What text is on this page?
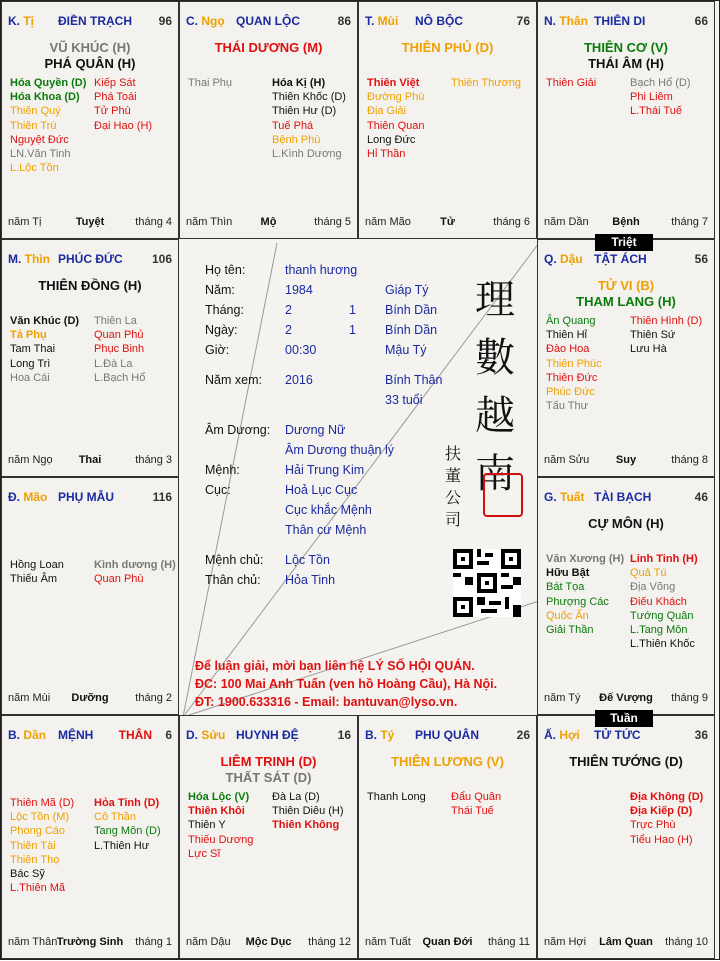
K. Tị ĐIỀN TRẠCH 96
VŨ KHÚC (H)
PHÁ QUÂN (H)
Hóa Quyền (D)
Hóa Khoa (D)
Thiên Quý
Thiên Trù
Nguyệt Đức
LN.Văn Tinh
L.Lộc Tồn
Kiếp Sát
Phá Toái
Tử Phù
Đại Hao (H)
năm Tị	Tuyệt	tháng 4
C. Ngọ QUAN LỘC	86
THÁI DƯƠNG (M)
Thai Phụ	Hóa Kị (H)
Thiên Khốc (D)
Thiên Hư (D)
Tuế Phá
Bệnh Phù
L.Kình Dương
năm Thìn	Mộ	tháng 5
T. Mùi NÔ BỘC	76
THIÊN PHỦ (D)
Thiên Việt
Đường Phù
Địa Giải
Thiên Quan
Long Đức
Hỉ Thần
Thiên Thương
năm Mão	Tử	tháng 6
N. Thân THIÊN DI	66
THIÊN CƠ (V)
THÁI ÂM (H)
Thiên Giải	Bạch Hổ (D)
Phi Liêm
L.Thái Tuế
năm Dần	Bệnh	tháng 7
M. Thìn PHÚC ĐỨC 106
THIÊN ĐỒNG (H)
Văn Khúc (D)
Tả Phụ
Tam Thai
Long Trì
Hoa Cái
Thiên La
Quan Phủ
Phục Binh
L.Đà La
L.Bạch Hổ
năm Ngọ	Thai	tháng 3
Q. Dậu TẬT ÁCH	56
TỬ VI (B)
THAM LANG (H)
Ân Quang
Thiên Hỉ
Đào Hoa
Thiên Phúc
Thiên Đức
Phúc Đức
Tấu Thư
Thiên Hình (D)
Thiên Sứ
Lưu Hà
năm Sửu	Suy	tháng 8
Đ. Mão PHỤ MẪU	116
Hồng Loan
Thiếu Âm
Kình dương (H)
Quan Phù
năm Mùi	Dưỡng	tháng 2
G. Tuất TÀI BẠCH	46
CỰ MÔN (H)
Văn Xương (H)
Hữu Bật
Bát Tọa
Phượng Các
Quốc Ấn
Giải Thần
Linh Tinh (H)
Quả Tú
Địa Võng
Điếu Khách
Tướng Quân
L.Tang Môn
L.Thiên Khốc
năm Tý	Đế Vượng	tháng 9
B. Dần MỆNH	6
THÂN
Thiên Mã (D)
Lộc Tồn (M)
Phong Cáo
Thiên Tài
Thiên Thọ
Bác Sỹ
L.Thiên Mã
Hỏa Tinh (D)
Cô Thần
Tang Môn (D)
L.Thiên Hư
năm Thân Trường Sinh	tháng 1
D. Sửu HUYNH ĐỆ	16
LIÊM TRINH (D)
THẤT SÁT (D)
Hóa Lộc (V)
Thiên Khôi
Thiên Y
Thiếu Dương
Lực Sĩ
Đà La (D)
Thiên Diêu (H)
Thiên Không
năm Dậu	Mộc Dục	tháng 12
B. Tý PHU QUÂN	26
THIÊN LƯƠNG (V)
Thanh Long Đẩu Quân
Thái Tuế
năm Tuất	Quan Đới	tháng 11
Ấ. Hợi TỬ TỨC	36
THIÊN TƯỚNG (D)
Địa Không (D)
Địa Kiếp (D)
Trực Phù
Tiểu Hao (H)
năm Hợi	Lâm Quan	tháng 10
Triệt
Tuần
Họ tên:	thanh hương
Năm:	1984	Giáp Tý
Tháng:	2	1 Bính Dần
Ngày:	2	1 Bính Dần
Giờ:	00:30	Mậu Tý
Năm xem: 2016	Bính Thân
33 tuổi
Âm Dương: Dương Nữ
Âm Dương thuận lý
Mệnh:	Hải Trung Kim
Cục:	Hoả Lục Cục
Cục khắc Mệnh
Thân cư Mệnh
Mệnh chủ: Lộc Tồn
Thân chủ: Hỏa Tinh
理
數
越
南
扶
董
公
司
Để luận giải, mời bạn liên hệ LÝ SỐ HỘI QUÁN.
ĐC: 100 Mai Anh Tuấn (ven hồ Hoàng Cầu), Hà Nội.
ĐT: 1900.633316 - Email: bantuvan@lyso.vn.
